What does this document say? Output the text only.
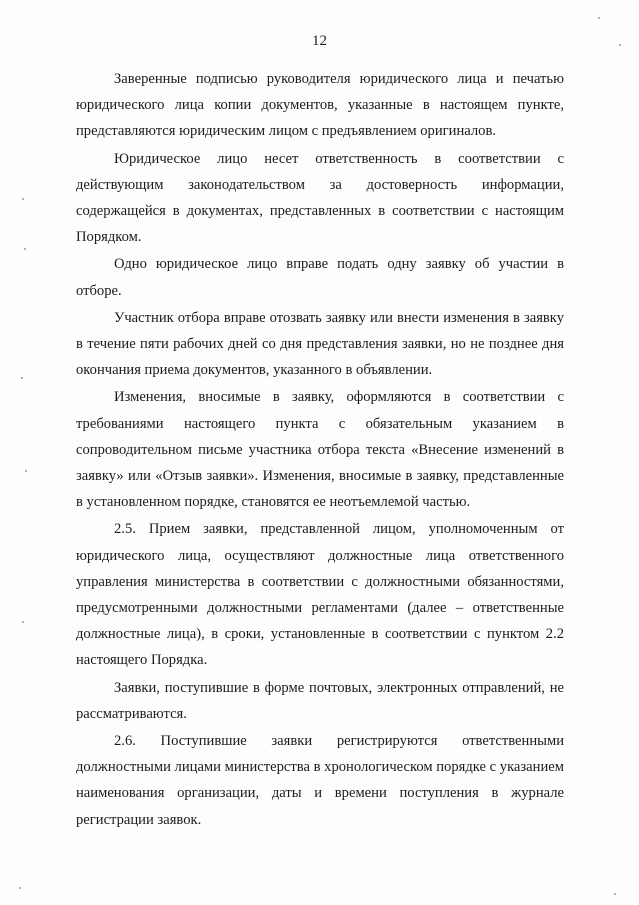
12

Заверенные подписью руководителя юридического лица и печатью юридического лица копии документов, указанные в настоящем пункте, представляются юридическим лицом с предъявлением оригиналов.

Юридическое лицо несет ответственность в соответствии с действующим законодательством за достоверность информации, содержащейся в документах, представленных в соответствии с настоящим Порядком.

Одно юридическое лицо вправе подать одну заявку об участии в отборе.

Участник отбора вправе отозвать заявку или внести изменения в заявку в течение пяти рабочих дней со дня представления заявки, но не позднее дня окончания приема документов, указанного в объявлении.

Изменения, вносимые в заявку, оформляются в соответствии с требованиями настоящего пункта с обязательным указанием в сопроводительном письме участника отбора текста «Внесение изменений в заявку» или «Отзыв заявки». Изменения, вносимые в заявку, представленные в установленном порядке, становятся ее неотъемлемой частью.

2.5. Прием заявки, представленной лицом, уполномоченным от юридического лица, осуществляют должностные лица ответственного управления министерства в соответствии с должностными обязанностями, предусмотренными должностными регламентами (далее – ответственные должностные лица), в сроки, установленные в соответствии с пунктом 2.2 настоящего Порядка.

Заявки, поступившие в форме почтовых, электронных отправлений, не рассматриваются.

2.6. Поступившие заявки регистрируются ответственными должностными лицами министерства в хронологическом порядке с указанием наименования организации, даты и времени поступления в журнале регистрации заявок.
